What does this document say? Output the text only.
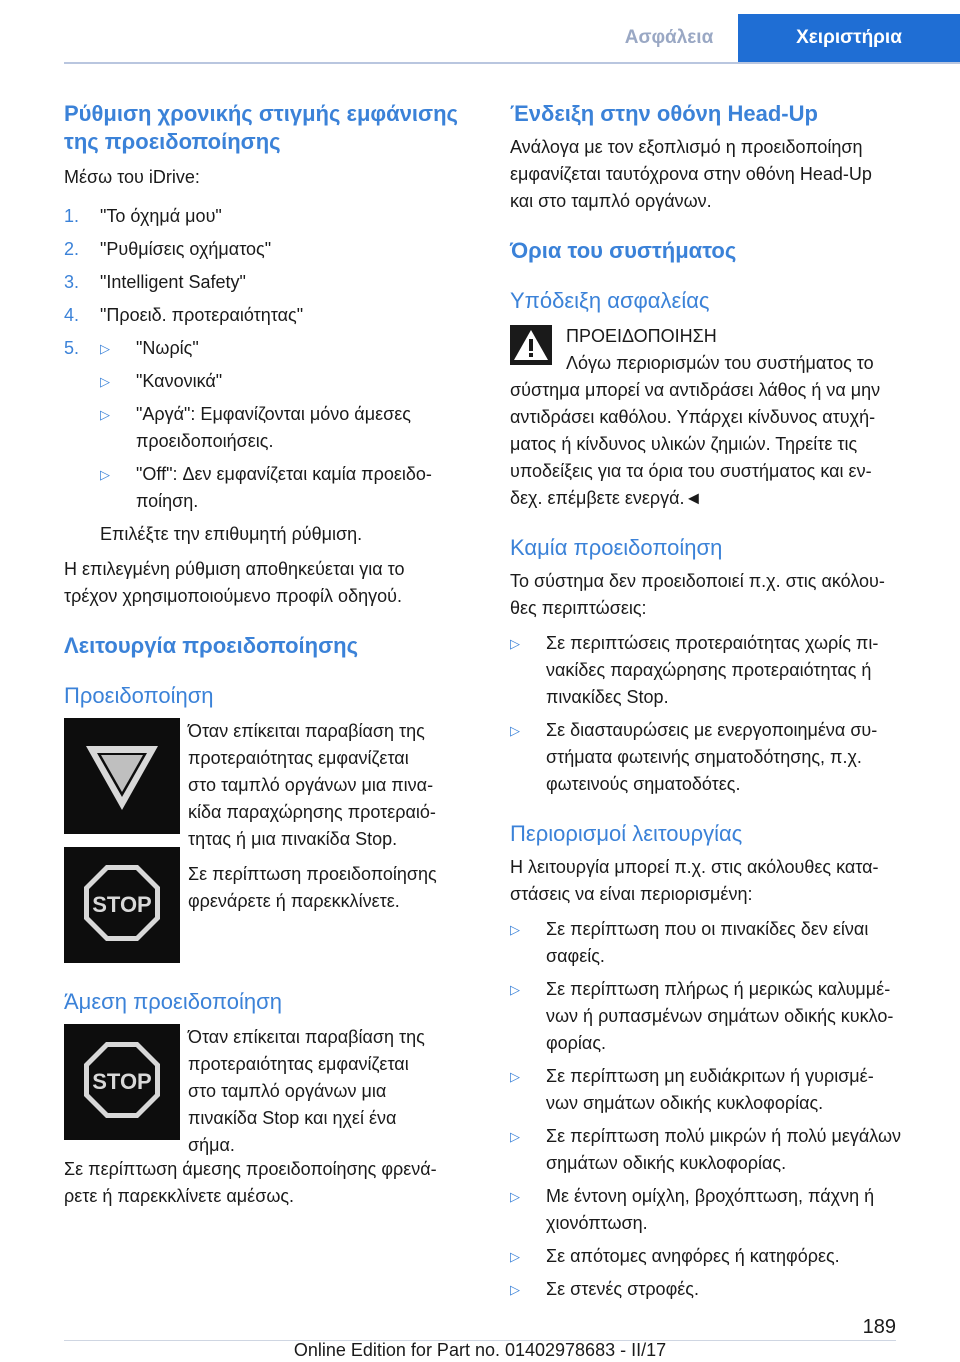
Ασφάλεια	Χειριστήρια
Ρύθμιση χρονικής στιγμής εμφάνισης
της προειδοποίησης

Μέσω του iDrive:

1. "Το όχημά μου"
2. "Ρυθμίσεις οχήματος"
3. "Intelligent Safety"
4. "Προειδ. προτεραιότητας"
5. ▷ "Νωρίς"
▷ "Κανονικά"
▷ "Αργά": Εμφανίζονται μόνο άμεσες
προειδοποιήσεις.
▷ "Off": Δεν εμφανίζεται καμία προειδο-
ποίηση.

Επιλέξτε την επιθυμητή ρύθμιση.

Η επιλεγμένη ρύθμιση αποθηκεύεται για το
τρέχον χρησιμοποιούμενο προφίλ οδηγού.

Λειτουργία προειδοποίησης
Προειδοποίηση
STOP

Όταν επίκειται παραβίαση της

προτεραιότητας εμφανίζεται

στο ταμπλό οργάνων μια πινα-

κίδα παραχώρησης προτεραιό-

τητας ή μια πινακίδα Stop.

Σε περίπτωση προειδοποίησης

φρενάρετε ή παρεκκλίνετε.

Άμεση προειδοποίηση
STOP

Όταν επίκειται παραβίαση της

προτεραιότητας εμφανίζεται

στο ταμπλό οργάνων μια

πινακίδα Stop και ηχεί ένα

σήμα.

Σε περίπτωση άμεσης προειδοποίησης φρενά-
ρετε ή παρεκκλίνετε αμέσως.

Ένδειξη στην οθόνη Head-Up

Ανάλογα με τον εξοπλισμό η προειδοποίηση

εμφανίζεται ταυτόχρονα στην οθόνη Head-Up

και στο ταμπλό οργάνων.

Όρια του συστήματος
Υπόδειξη ασφαλείας

ΠΡΟΕΙΔΟΠΟΙΗΣΗ

Λόγω περιορισμών του συστήματος το

σύστημα μπορεί να αντιδράσει λάθος ή να μην

αντιδράσει καθόλου. Υπάρχει κίνδυνος ατυχή-

ματος ή κίνδυνος υλικών ζημιών. Τηρείτε τις

υποδείξεις για τα όρια του συστήματος και εν-

δεχ. επέμβετε ενεργά.◄

Καμία προειδοποίηση

Το σύστημα δεν προειδοποιεί π.χ. στις ακόλου-
θες περιπτώσεις:

▷ Σε περιπτώσεις προτεραιότητας χωρίς πι-
νακίδες παραχώρησης προτεραιότητας ή
πινακίδες Stop.
▷ Σε διασταυρώσεις με ενεργοποιημένα συ-
στήματα φωτεινής σηματοδότησης, π.χ.
φωτεινούς σηματοδότες.
Περιορισμοί λειτουργίας

Η λειτουργία μπορεί π.χ. στις ακόλουθες κατα-
στάσεις να είναι περιορισμένη:

▷ Σε περίπτωση που οι πινακίδες δεν είναι
σαφείς.
▷ Σε περίπτωση πλήρως ή μερικώς καλυμμέ-
νων ή ρυπασμένων σημάτων οδικής κυκλο-
φορίας.
▷ Σε περίπτωση μη ευδιάκριτων ή γυρισμέ-
νων σημάτων οδικής κυκλοφορίας.
▷ Σε περίπτωση πολύ μικρών ή πολύ μεγάλων
σημάτων οδικής κυκλοφορίας.
▷ Με έντονη ομίχλη, βροχόπτωση, πάχνη ή
χιονόπτωση.
▷ Σε απότομες ανηφόρες ή κατηφόρες.
▷ Σε στενές στροφές.
189
Online Edition for Part no. 01402978683 - II/17
